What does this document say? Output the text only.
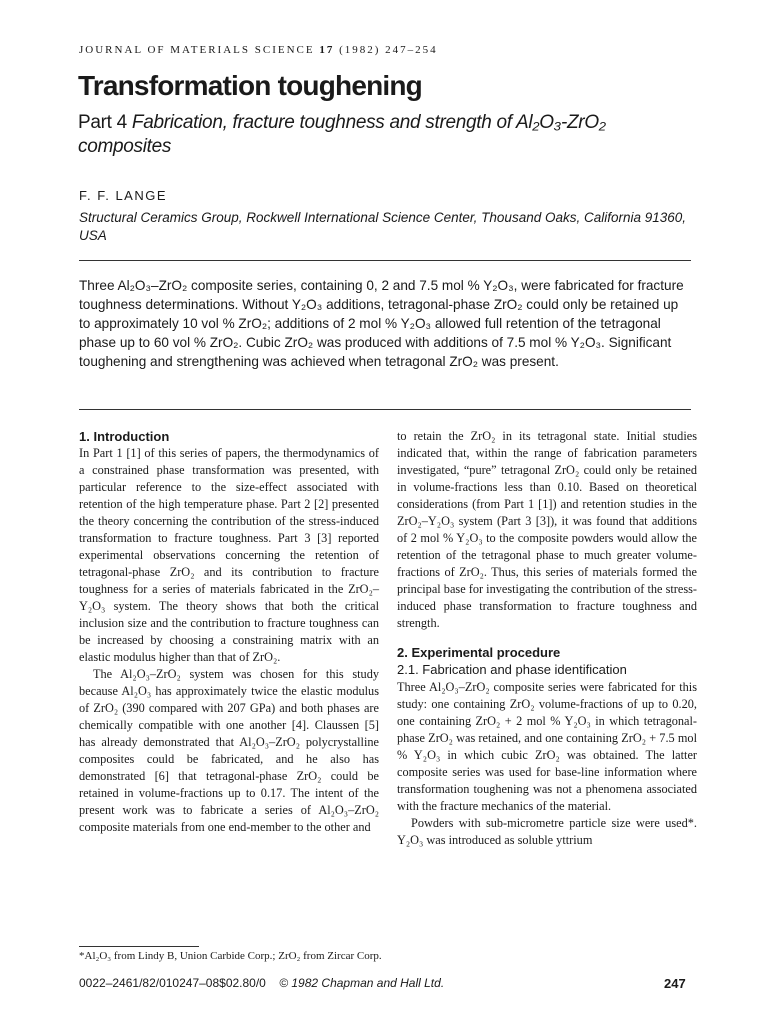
JOURNAL OF MATERIALS SCIENCE 17 (1982) 247–254
Transformation toughening
Part 4 Fabrication, fracture toughness and strength of Al₂O₃-ZrO₂ composites
F. F. LANGE
Structural Ceramics Group, Rockwell International Science Center, Thousand Oaks, California 91360, USA

Three Al₂O₃–ZrO₂ composite series, containing 0, 2 and 7.5 mol % Y₂O₃, were fabricated for fracture toughness determinations. Without Y₂O₃ additions, tetragonal-phase ZrO₂ could only be retained up to approximately 10 vol % ZrO₂; additions of 2 mol % Y₂O₃ allowed full retention of the tetragonal phase up to 60 vol % ZrO₂. Cubic ZrO₂ was produced with additions of 7.5 mol % Y₂O₃. Significant toughening and strengthening was achieved when tetragonal ZrO₂ was present.

1. Introduction

In Part 1 [1] of this series of papers, the thermodynamics of a constrained phase transformation was presented, with particular reference to the size-effect associated with retention of the high temperature phase. Part 2 [2] presented the theory concerning the contribution of the stress-induced transformation to fracture toughness. Part 3 [3] reported experimental observations concerning the retention of tetragonal-phase ZrO₂ and its contribution to fracture toughness for a series of materials fabricated in the ZrO₂–Y₂O₃ system. The theory shows that both the critical inclusion size and the contribution to fracture toughness can be increased by choosing a constraining matrix with an elastic modulus higher than that of ZrO₂.

The Al₂O₃–ZrO₂ system was chosen for this study because Al₂O₃ has approximately twice the elastic modulus of ZrO₂ (390 compared with 207 GPa) and both phases are chemically compatible with one another [4]. Claussen [5] has already demonstrated that Al₂O₃–ZrO₂ polycrystalline composites could be fabricated, and he also has demonstrated [6] that tetragonal-phase ZrO₂ could be retained in volume-fractions up to 0.17. The intent of the present work was to fabricate a series of Al₂O₃–ZrO₂ composite materials from one end-member to the other and

to retain the ZrO₂ in its tetragonal state. Initial studies indicated that, within the range of fabrication parameters investigated, “pure” tetragonal ZrO₂ could only be retained in volume-fractions less than 0.10. Based on theoretical considerations (from Part 1 [1]) and retention studies in the ZrO₂–Y₂O₃ system (Part 3 [3]), it was found that additions of 2 mol % Y₂O₃ to the composite powders would allow the retention of the tetragonal phase to much greater volume-fractions of ZrO₂. Thus, this series of materials formed the principal base for investigating the contribution of the stress-induced phase transformation to fracture toughness and strength.

2. Experimental procedure

2.1. Fabrication and phase identification

Three Al₂O₃–ZrO₂ composite series were fabricated for this study: one containing ZrO₂ volume-fractions of up to 0.20, one containing ZrO₂ + 2 mol % Y₂O₃ in which tetragonal-phase ZrO₂ was retained, and one containing ZrO₂ + 7.5 mol % Y₂O₃ in which cubic ZrO₂ was obtained. The latter composite series was used for base-line information where transformation toughening was not a phenomena associated with the fracture mechanics of the material.

Powders with sub-micrometre particle size were used*. Y₂O₃ was introduced as soluble yttrium

*Al₂O₃ from Lindy B, Union Carbide Corp.; ZrO₂ from Zircar Corp.
0022–2461/82/010247–08$02.80/0 © 1982 Chapman and Hall Ltd.	247
